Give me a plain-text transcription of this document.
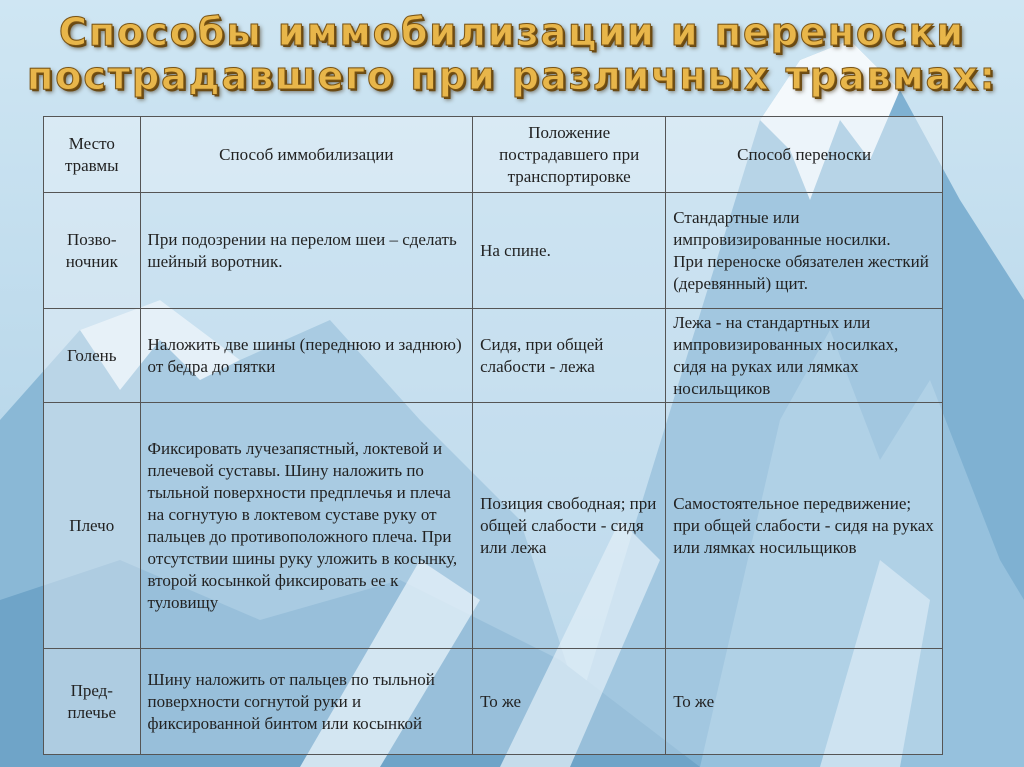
Способы иммобилизации и переноски
пострадавшего при различных травмах:
Место травмы	Способ иммобилизации	Положение пострадавшего при транспортировке	Способ переноски
Позво-ночник	При подозрении на перелом шеи – сделать шейный воротник.	На спине.	Стандартные или импровизированные носилки.
При переноске обязателен жесткий (деревянный) щит.
Голень	Наложить две шины (переднюю и заднюю) от бедра до пятки	Сидя, при общей слабости - лежа	Лежа - на стандартных или импровизированных носилках, сидя на руках или лямках носильщиков
Плечо	Фиксировать лучезапястный, локтевой и плечевой суставы. Шину наложить по тыльной поверхности предплечья и плеча на согнутую в локтевом суставе руку от пальцев до противоположного плеча. При отсутствии шины руку уложить в косынку, второй косынкой фиксировать ее к туловищу	Позиция свободная; при общей слабости - сидя или лежа	Самостоятельное передвижение; при общей слабости - сидя на руках или лямках носильщиков
Пред-плечье	Шину наложить от пальцев по тыльной поверхности согнутой руки и фиксированной бинтом или косынкой	То же	То же
